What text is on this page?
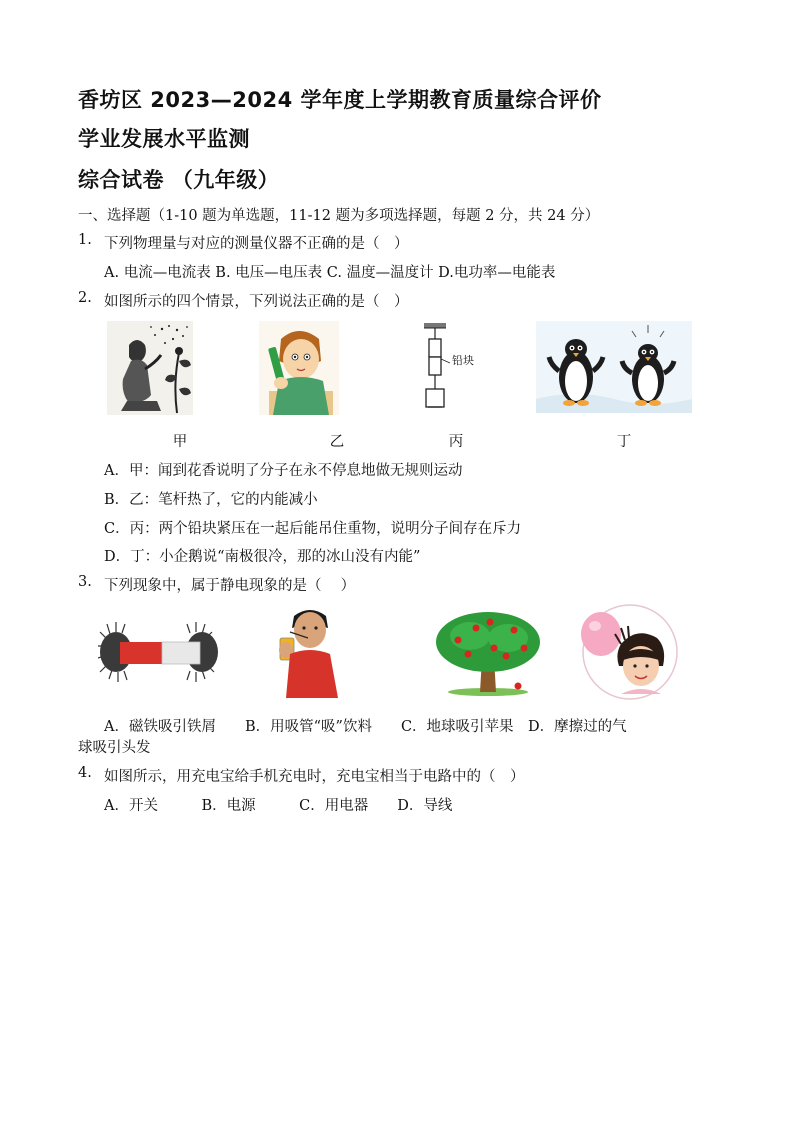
香坊区 2023—2024 学年度上学期教育质量综合评价
学业发展水平监测
综合试卷 （九年级）
一、选择题（1-10 题为单选题，11-12 题为多项选择题，每题 2 分，共 24 分）
1. 下列物理量与对应的测量仪器不正确的是（　）
A. 电流—电流表 B. 电压—电压表 C. 温度—温度计 D.电功率—电能表
2. 如图所示的四个情景，下列说法正确的是（　）
铅块
甲	乙	丙	丁
A．甲：闻到花香说明了分子在永不停息地做无规则运动
B．乙：笔杆热了，它的内能减小
C．丙：两个铅块紧压在一起后能吊住重物，说明分子间存在斥力
D．丁：小企鹅说“南极很冷，那的冰山没有内能”
3. 下列现象中，属于静电现象的是（　 ）
A．磁铁吸引铁屑　　B．用吸管“吸”饮料　　C．地球吸引苹果　D．摩擦过的气
球吸引头发
4. 如图所示，用充电宝给手机充电时，充电宝相当于电路中的（　）
A．开关　　　B．电源　　　C．用电器　　D．导线
